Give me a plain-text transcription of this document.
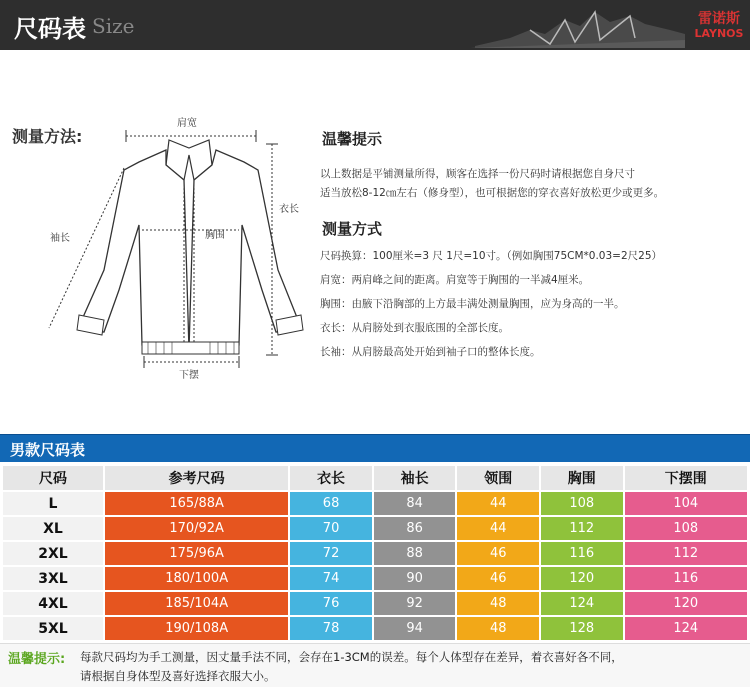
尺码表 Size	雷诺斯
LAYNOS
测量方法:
肩宽
衣长
袖长	胸围
下摆
温馨提示
以上数据是平铺测量所得，顾客在选择一份尺码时请根据您自身尺寸
适当放松8-12㎝左右（修身型），也可根据您的穿衣喜好放松更少或更多。
测量方式
尺码换算：100厘米=3 尺 1尺=10寸。（例如胸围75CM*0.03=2尺25）
肩宽：两肩峰之间的距离。肩宽等于胸围的一半减4厘米。
胸围：由腋下沿胸部的上方最丰满处测量胸围，应为身高的一半。
衣长：从肩膀处到衣服底围的全部长度。
长袖：从肩膀最高处开始到袖子口的整体长度。
男款尺码表
尺码	参考尺码	衣长	袖长	领围	胸围	下摆围
L	165/88A	68	84	44	108	104
XL	170/92A	70	86	44	112	108
2XL	175/96A	72	88	46	116	112
3XL	180/100A	74	90	46	120	116
4XL	185/104A	76	92	48	124	120
5XL	190/108A	78	94	48	128	124
温馨提示: 每款尺码均为手工测量，因丈量手法不同，会存在1-3CM的误差。每个人体型存在差异，着衣喜好各不同，
请根据自身体型及喜好选择衣服大小。
